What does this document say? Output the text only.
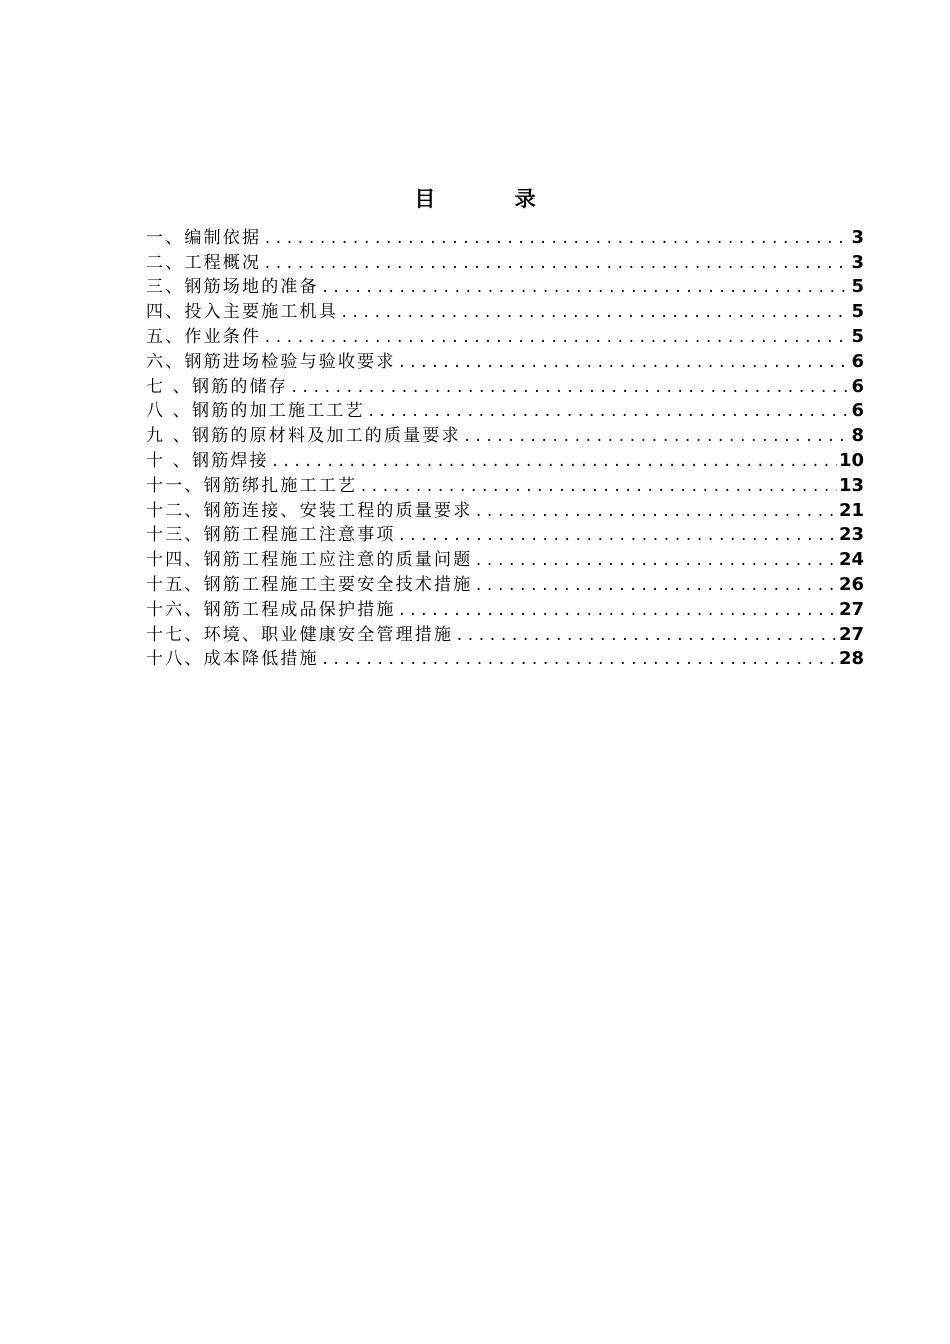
目 录
一、编制依据 .....	3
二、工程概况 .....	3
三、钢筋场地的准备 .....	5
四、投入主要施工机具 .....	5
五、作业条件 .....	5
六、钢筋进场检验与验收要求 .....	6
七 、钢筋的储存 .....	6
八 、钢筋的加工施工工艺 .....	6
九 、钢筋的原材料及加工的质量要求 .....	8
十 、钢筋焊接 .....	10
十一、钢筋绑扎施工工艺 .....	13
十二、钢筋连接、安装工程的质量要求 .....	21
十三、钢筋工程施工注意事项 .....	23
十四、钢筋工程施工应注意的质量问题 .....	24
十五、钢筋工程施工主要安全技术措施 .....	26
十六、钢筋工程成品保护措施 .....	27
十七、环境、职业健康安全管理措施 .....	27
十八、成本降低措施 .....	28
